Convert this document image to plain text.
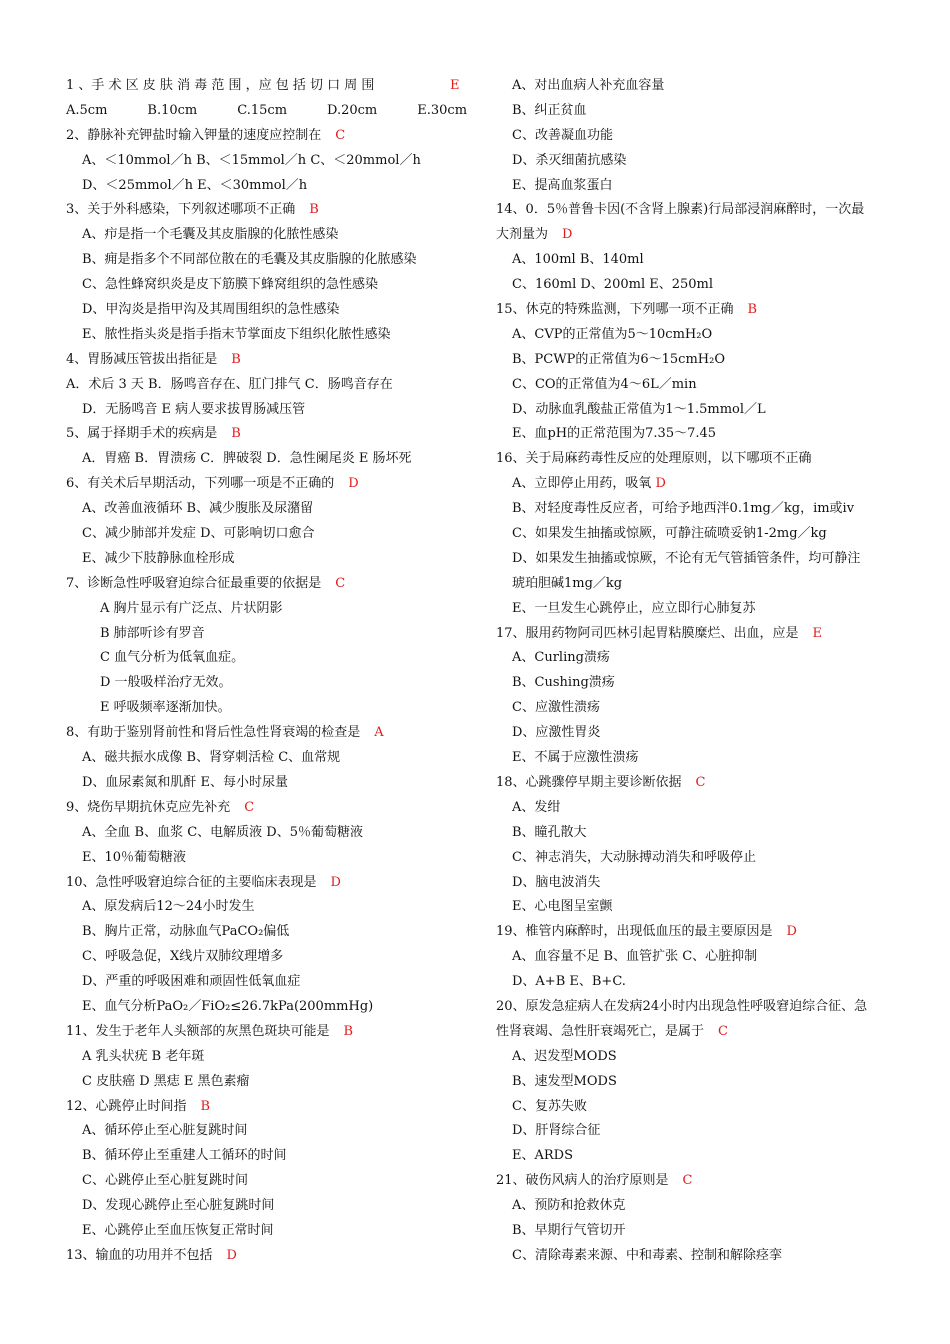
1 、手 术 区 皮 肤 消 毒 范 围 ，应 包 括 切 口 周 围	E
A.5cm	B.10cm	C.15cm	D.20cm	E.30cm
2、静脉补充钾盐时输入钾量的速度应控制在 C
A、＜10mmol／h B、＜15mmol／h C、＜20mmol／h
D、＜25mmol／h E、＜30mmol／h
3、关于外科感染，下列叙述哪项不正确 B
A、疖是指一个毛囊及其皮脂腺的化脓性感染
B、痈是指多个不同部位散在的毛囊及其皮脂腺的化脓感染
C、急性蜂窝织炎是皮下筋膜下蜂窝组织的急性感染
D、甲沟炎是指甲沟及其周围组织的急性感染
E、脓性指头炎是指手指末节掌面皮下组织化脓性感染
4、胃肠减压管拔出指征是 B
A．术后 3 天 B．肠鸣音存在、肛门排气 C．肠鸣音存在
D．无肠鸣音 E 病人要求拔胃肠减压管
5、属于择期手术的疾病是 B
A．胃癌 B．胃溃疡 C．脾破裂 D．急性阑尾炎 E 肠坏死
6、有关术后早期活动，下列哪一项是不正确的 D
A、改善血液循环 B、减少腹胀及尿潴留
C、减少肺部并发症 D、可影响切口愈合
E、减少下肢静脉血栓形成
7、诊断急性呼吸窘迫综合征最重要的依据是 C
A 胸片显示有广泛点、片状阴影
B 肺部听诊有罗音
C 血气分析为低氧血症。
D 一般吸样治疗无效。
E 呼吸频率逐渐加快。
8、有助于鉴别肾前性和肾后性急性肾衰竭的检查是 A
A、磁共振水成像 B、肾穿刺活检 C、血常规
D、血尿素氮和肌酐 E、每小时尿量
9、烧伤早期抗休克应先补充 C
A、全血 B、血浆 C、电解质液 D、5％葡萄糖液
E、10％葡萄糖液
10、急性呼吸窘迫综合征的主要临床表现是 D
A、原发病后12～24小时发生
B、胸片正常，动脉血气PaCO₂偏低
C、呼吸急促，X线片双肺纹理增多
D、严重的呼吸困难和顽固性低氧血症
E、血气分析PaO₂／FiO₂≤26.7kPa(200mmHg)
11、发生于老年人头额部的灰黑色斑块可能是 B
A 乳头状疣 B 老年斑
C 皮肤癌 D 黑痣 E 黑色素瘤
12、心跳停止时间指 B
A、循环停止至心脏复跳时间
B、循环停止至重建人工循环的时间
C、心跳停止至心脏复跳时间
D、发现心跳停止至心脏复跳时间
E、心跳停止至血压恢复正常时间
13、输血的功用并不包括 D
A、对出血病人补充血容量
B、纠正贫血
C、改善凝血功能
D、杀灭细菌抗感染
E、提高血浆蛋白
14、0．5％普鲁卡因(不含肾上腺素)行局部浸润麻醉时，一次最
大剂量为 D
A、100ml B、140ml
C、160ml D、200ml E、250ml
15、休克的特殊监测，下列哪一项不正确 B
A、CVP的正常值为5～10cmH₂O
B、PCWP的正常值为6～15cmH₂O
C、CO的正常值为4～6L／min
D、动脉血乳酸盐正常值为1～1.5mmol／L
E、血pH的正常范围为7.35～7.45
16、关于局麻药毒性反应的处理原则，以下哪项不正确
A、立即停止用药，吸氧 D
B、对轻度毒性反应者，可给予地西泮0.1mg／kg，im或iv
C、如果发生抽搐或惊厥，可静注硫喷妥钠1-2mg／kg
D、如果发生抽搐或惊厥，不论有无气管插管条件，均可静注
琥珀胆碱1mg／kg
E、一旦发生心跳停止，应立即行心肺复苏
17、服用药物阿司匹林引起胃粘膜糜烂、出血，应是 E
A、Curling溃疡
B、Cushing溃疡
C、应激性溃疡
D、应激性胃炎
E、不属于应激性溃疡
18、心跳骤停早期主要诊断依据 C
A、发绀
B、瞳孔散大
C、神志消失，大动脉搏动消失和呼吸停止
D、脑电波消失
E、心电图呈室颤
19、椎管内麻醉时，出现低血压的最主要原因是 D
A、血容量不足 B、血管扩张 C、心脏抑制
D、A+B E、B+C.
20、原发急症病人在发病24小时内出现急性呼吸窘迫综合征、急
性肾衰竭、急性肝衰竭死亡，是属于 C
A、迟发型MODS
B、速发型MODS
C、复苏失败
D、肝肾综合征
E、ARDS
21、破伤风病人的治疗原则是 C
A、预防和抢救休克
B、早期行气管切开
C、清除毒素来源、中和毒素、控制和解除痉挛
